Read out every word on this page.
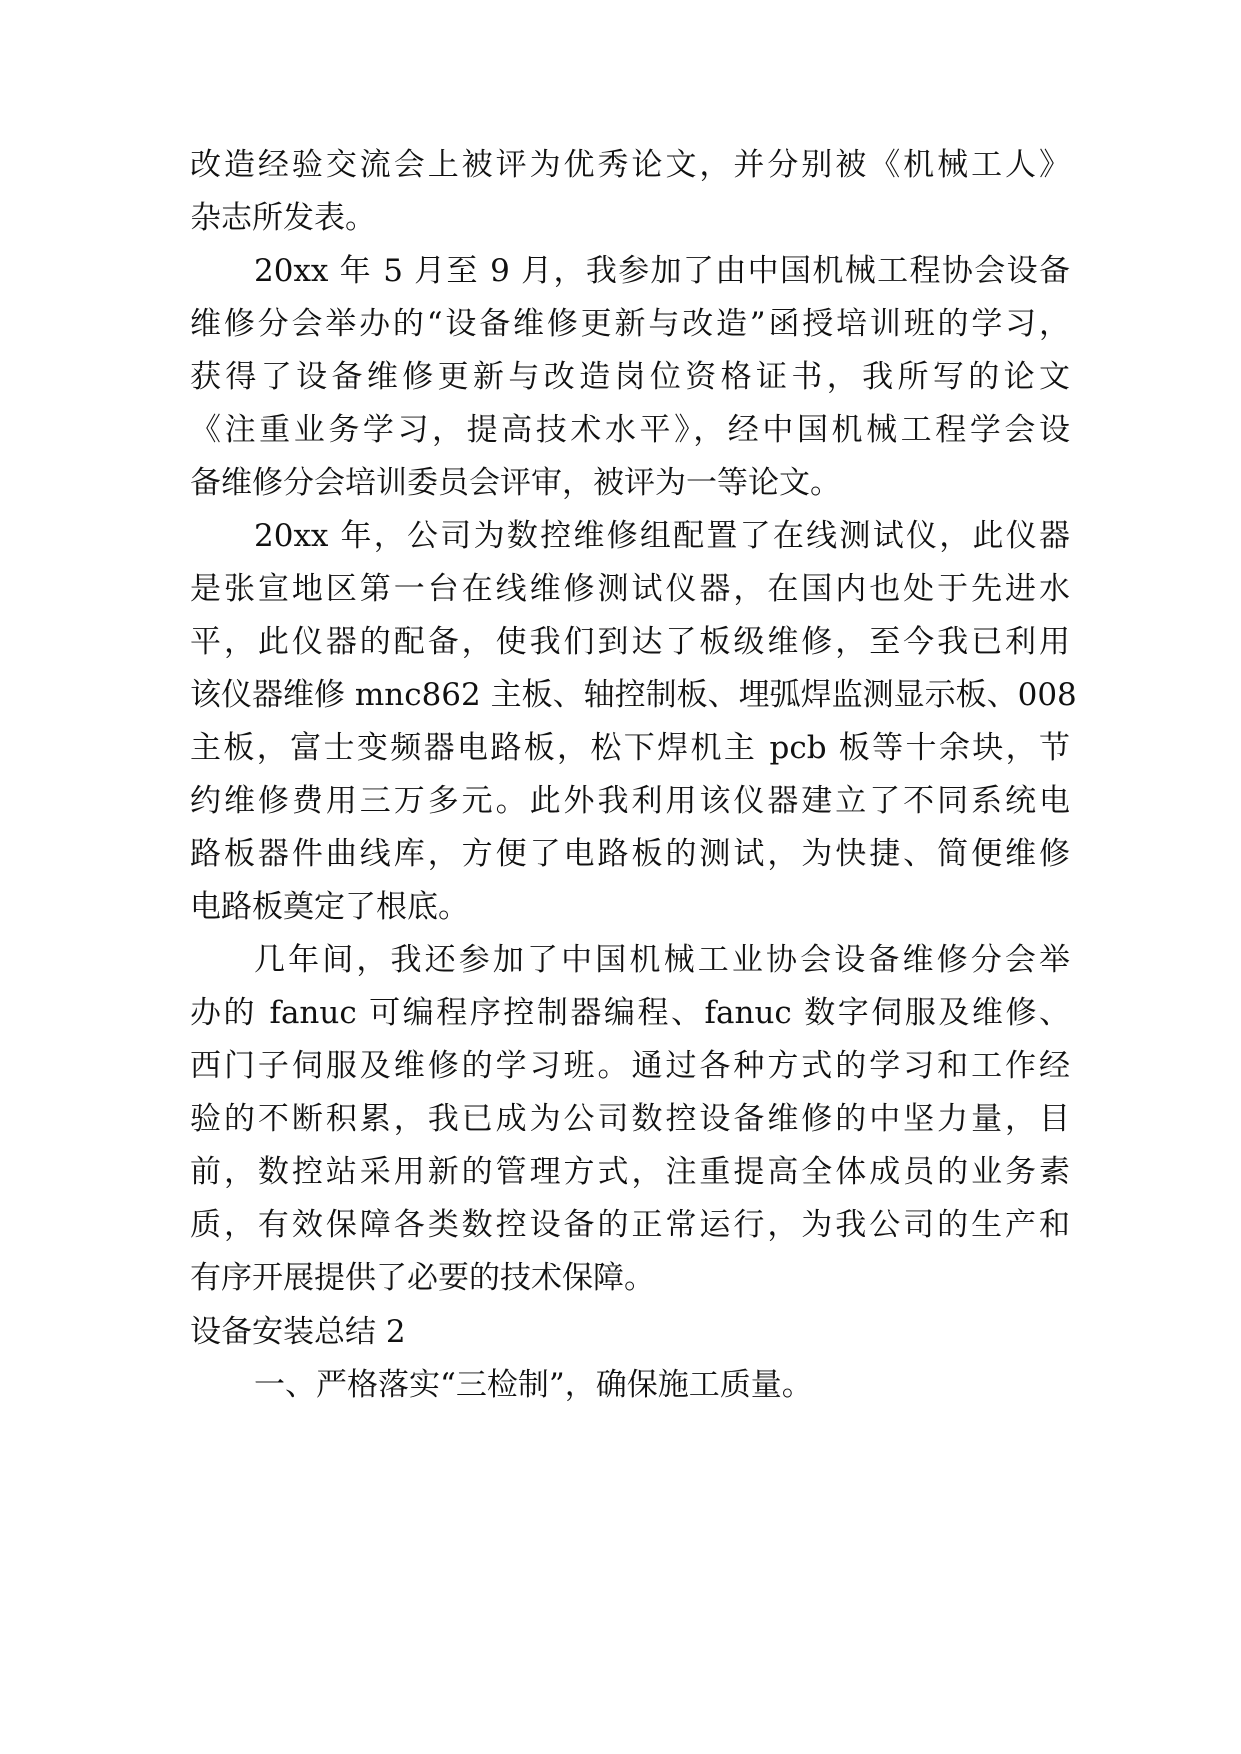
改造经验交流会上被评为优秀论文，并分别被《机械工人》
杂志所发表。
20xx 年 5 月至 9 月，我参加了由中国机械工程协会设备
维修分会举办的“设备维修更新与改造”函授培训班的学习，
获得了设备维修更新与改造岗位资格证书，我所写的论文
《注重业务学习，提高技术水平》，经中国机械工程学会设
备维修分会培训委员会评审，被评为一等论文。
20xx 年，公司为数控维修组配置了在线测试仪，此仪器
是张宣地区第一台在线维修测试仪器，在国内也处于先进水
平，此仪器的配备，使我们到达了板级维修，至今我已利用
该仪器维修 mnc862 主板、轴控制板、埋弧焊监测显示板、008
主板，富士变频器电路板，松下焊机主 pcb 板等十余块，节
约维修费用三万多元。此外我利用该仪器建立了不同系统电
路板器件曲线库，方便了电路板的测试，为快捷、简便维修
电路板奠定了根底。
几年间，我还参加了中国机械工业协会设备维修分会举
办的 fanuc 可编程序控制器编程、fanuc 数字伺服及维修、
西门子伺服及维修的学习班。通过各种方式的学习和工作经
验的不断积累，我已成为公司数控设备维修的中坚力量，目
前，数控站采用新的管理方式，注重提高全体成员的业务素
质，有效保障各类数控设备的正常运行，为我公司的生产和
有序开展提供了必要的技术保障。
设备安装总结 2
一、严格落实“三检制”，确保施工质量。
